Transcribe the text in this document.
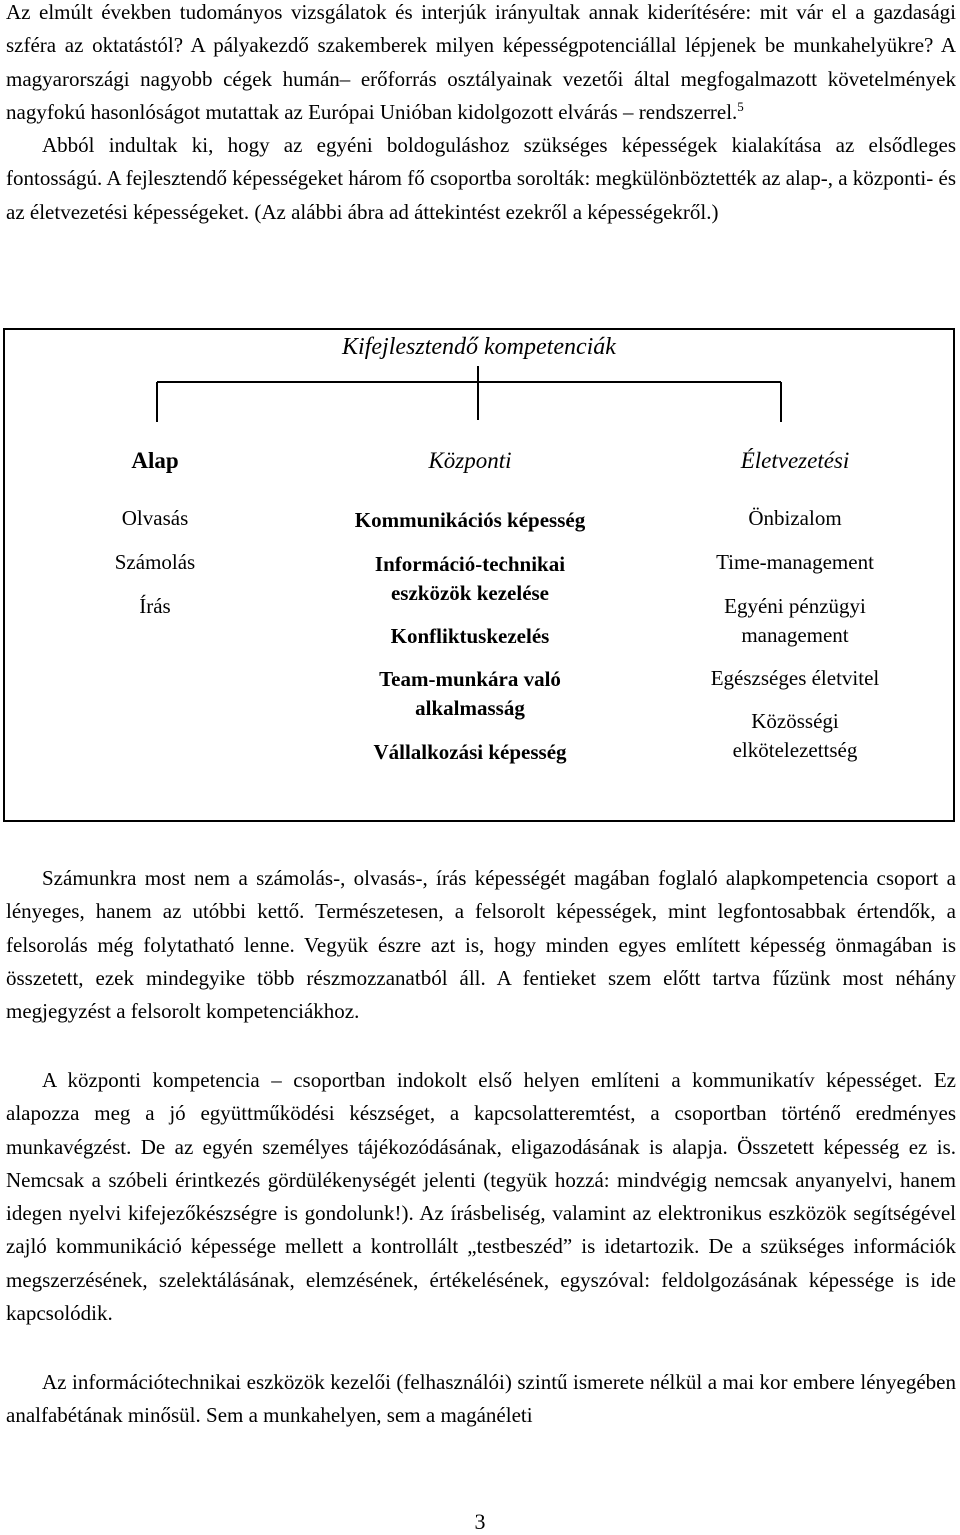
Az elmúlt években tudományos vizsgálatok és interjúk irányultak annak kiderítésére: mit vár el a gazdasági szféra az oktatástól? A pályakezdő szakemberek milyen képességpotenciállal lépjenek be munkahelyükre? A magyarországi nagyobb cégek humán– erőforrás osztályainak vezetői által megfogalmazott követelmények nagyfokú hasonlóságot mutattak az Európai Unióban kidolgozott elvárás – rendszerrel.$^5$
Abból indultak ki, hogy az egyéni boldoguláshoz szükséges képességek kialakítása az elsődleges fontosságú. A fejlesztendő képességeket három fő csoportba sorolták: megkülönböztették az alap-, a központi- és az életvezetési képességeket. (Az alábbi ábra ad áttekintést ezekről a képességekről.)

Kifejlesztendő kompetenciák
Alap
Olvasás
Számolás
Írás
Központi
Kommunikációs képesség
Információ-technikai
eszközök kezelése
Konfliktuskezelés
Team-munkára való
alkalmasság
Vállalkozási képesség
Életvezetési
Önbizalom
Time-management
Egyéni pénzügyi
management
Egészséges életvitel
Közösségi
elkötelezettség

Számunkra most nem a számolás-, olvasás-, írás képességét magában foglaló alapkompetencia csoport a lényeges, hanem az utóbbi kettő. Természetesen, a felsorolt képességek, mint legfontosabbak értendők, a felsorolás még folytatható lenne. Vegyük észre azt is, hogy minden egyes említett képesség önmagában is összetett, ezek mindegyike több részmozzanatból áll. A fentieket szem előtt tartva fűzünk most néhány megjegyzést a felsorolt kompetenciákhoz.

A központi kompetencia – csoportban indokolt első helyen említeni a kommunikatív képességet. Ez alapozza meg a jó együttműködési készséget, a kapcsolatteremtést, a csoportban történő eredményes munkavégzést. De az egyén személyes tájékozódásának, eligazodásának is alapja. Összetett képesség ez is. Nemcsak a szóbeli érintkezés gördülékenységét jelenti (tegyük hozzá: mindvégig nemcsak anyanyelvi, hanem idegen nyelvi kifejezőkészségre is gondolunk!). Az írásbeliség, valamint az elektronikus eszközök segítségével zajló kommunikáció képessége mellett a kontrollált „testbeszéd” is idetartozik. De a szükséges információk megszerzésének, szelektálásának, elemzésének, értékelésének, egyszóval: feldolgozásának képessége is ide kapcsolódik.

Az információtechnikai eszközök kezelői (felhasználói) szintű ismerete nélkül a mai kor embere lényegében analfabétának minősül. Sem a munkahelyen, sem a magánéleti

3
